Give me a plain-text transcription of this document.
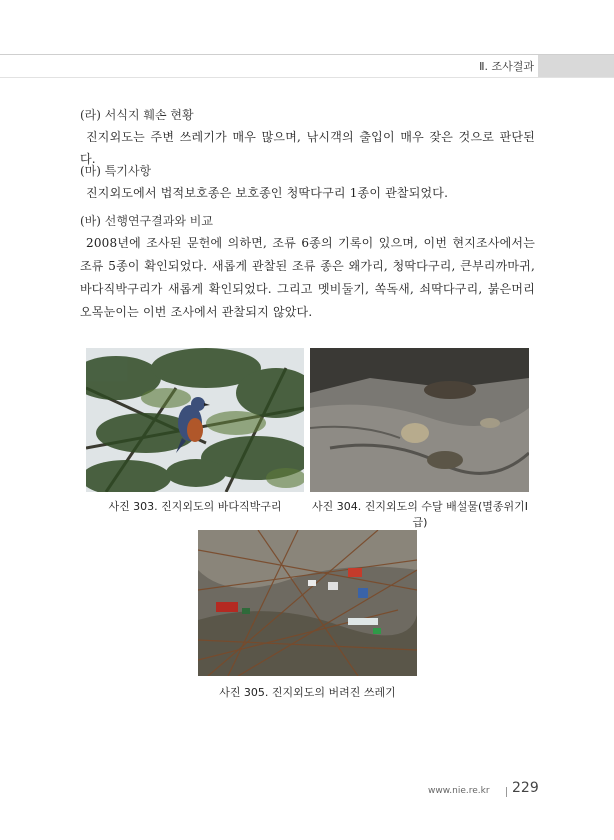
Ⅱ. 조사결과
(라) 서식지 훼손 현황
진지외도는 주변 쓰레기가 매우 많으며, 낚시객의 출입이 매우 잦은 것으로 판단된다.
(마) 특기사항
진지외도에서 법적보호종은 보호종인 청딱다구리 1종이 관찰되었다.
(바) 선행연구결과와 비교
2008년에 조사된 문헌에 의하면, 조류 6종의 기록이 있으며, 이번 현지조사에서는 조류 5종이 확인되었다. 새롭게 관찰된 조류 종은 왜가리, 청딱다구리, 큰부리까마귀, 바다직박구리가 새롭게 확인되었다. 그리고 멧비둘기, 쏙독새, 쇠딱다구리, 붉은머리오목눈이는 이번 조사에서 관찰되지 않았다.
사진 303. 진지외도의 바다직박구리	사진 304. 진지외도의 수달 배설물(멸종위기Ⅰ급)
사진 305. 진지외도의 버려진 쓰레기
www.nie.re.kr 229
